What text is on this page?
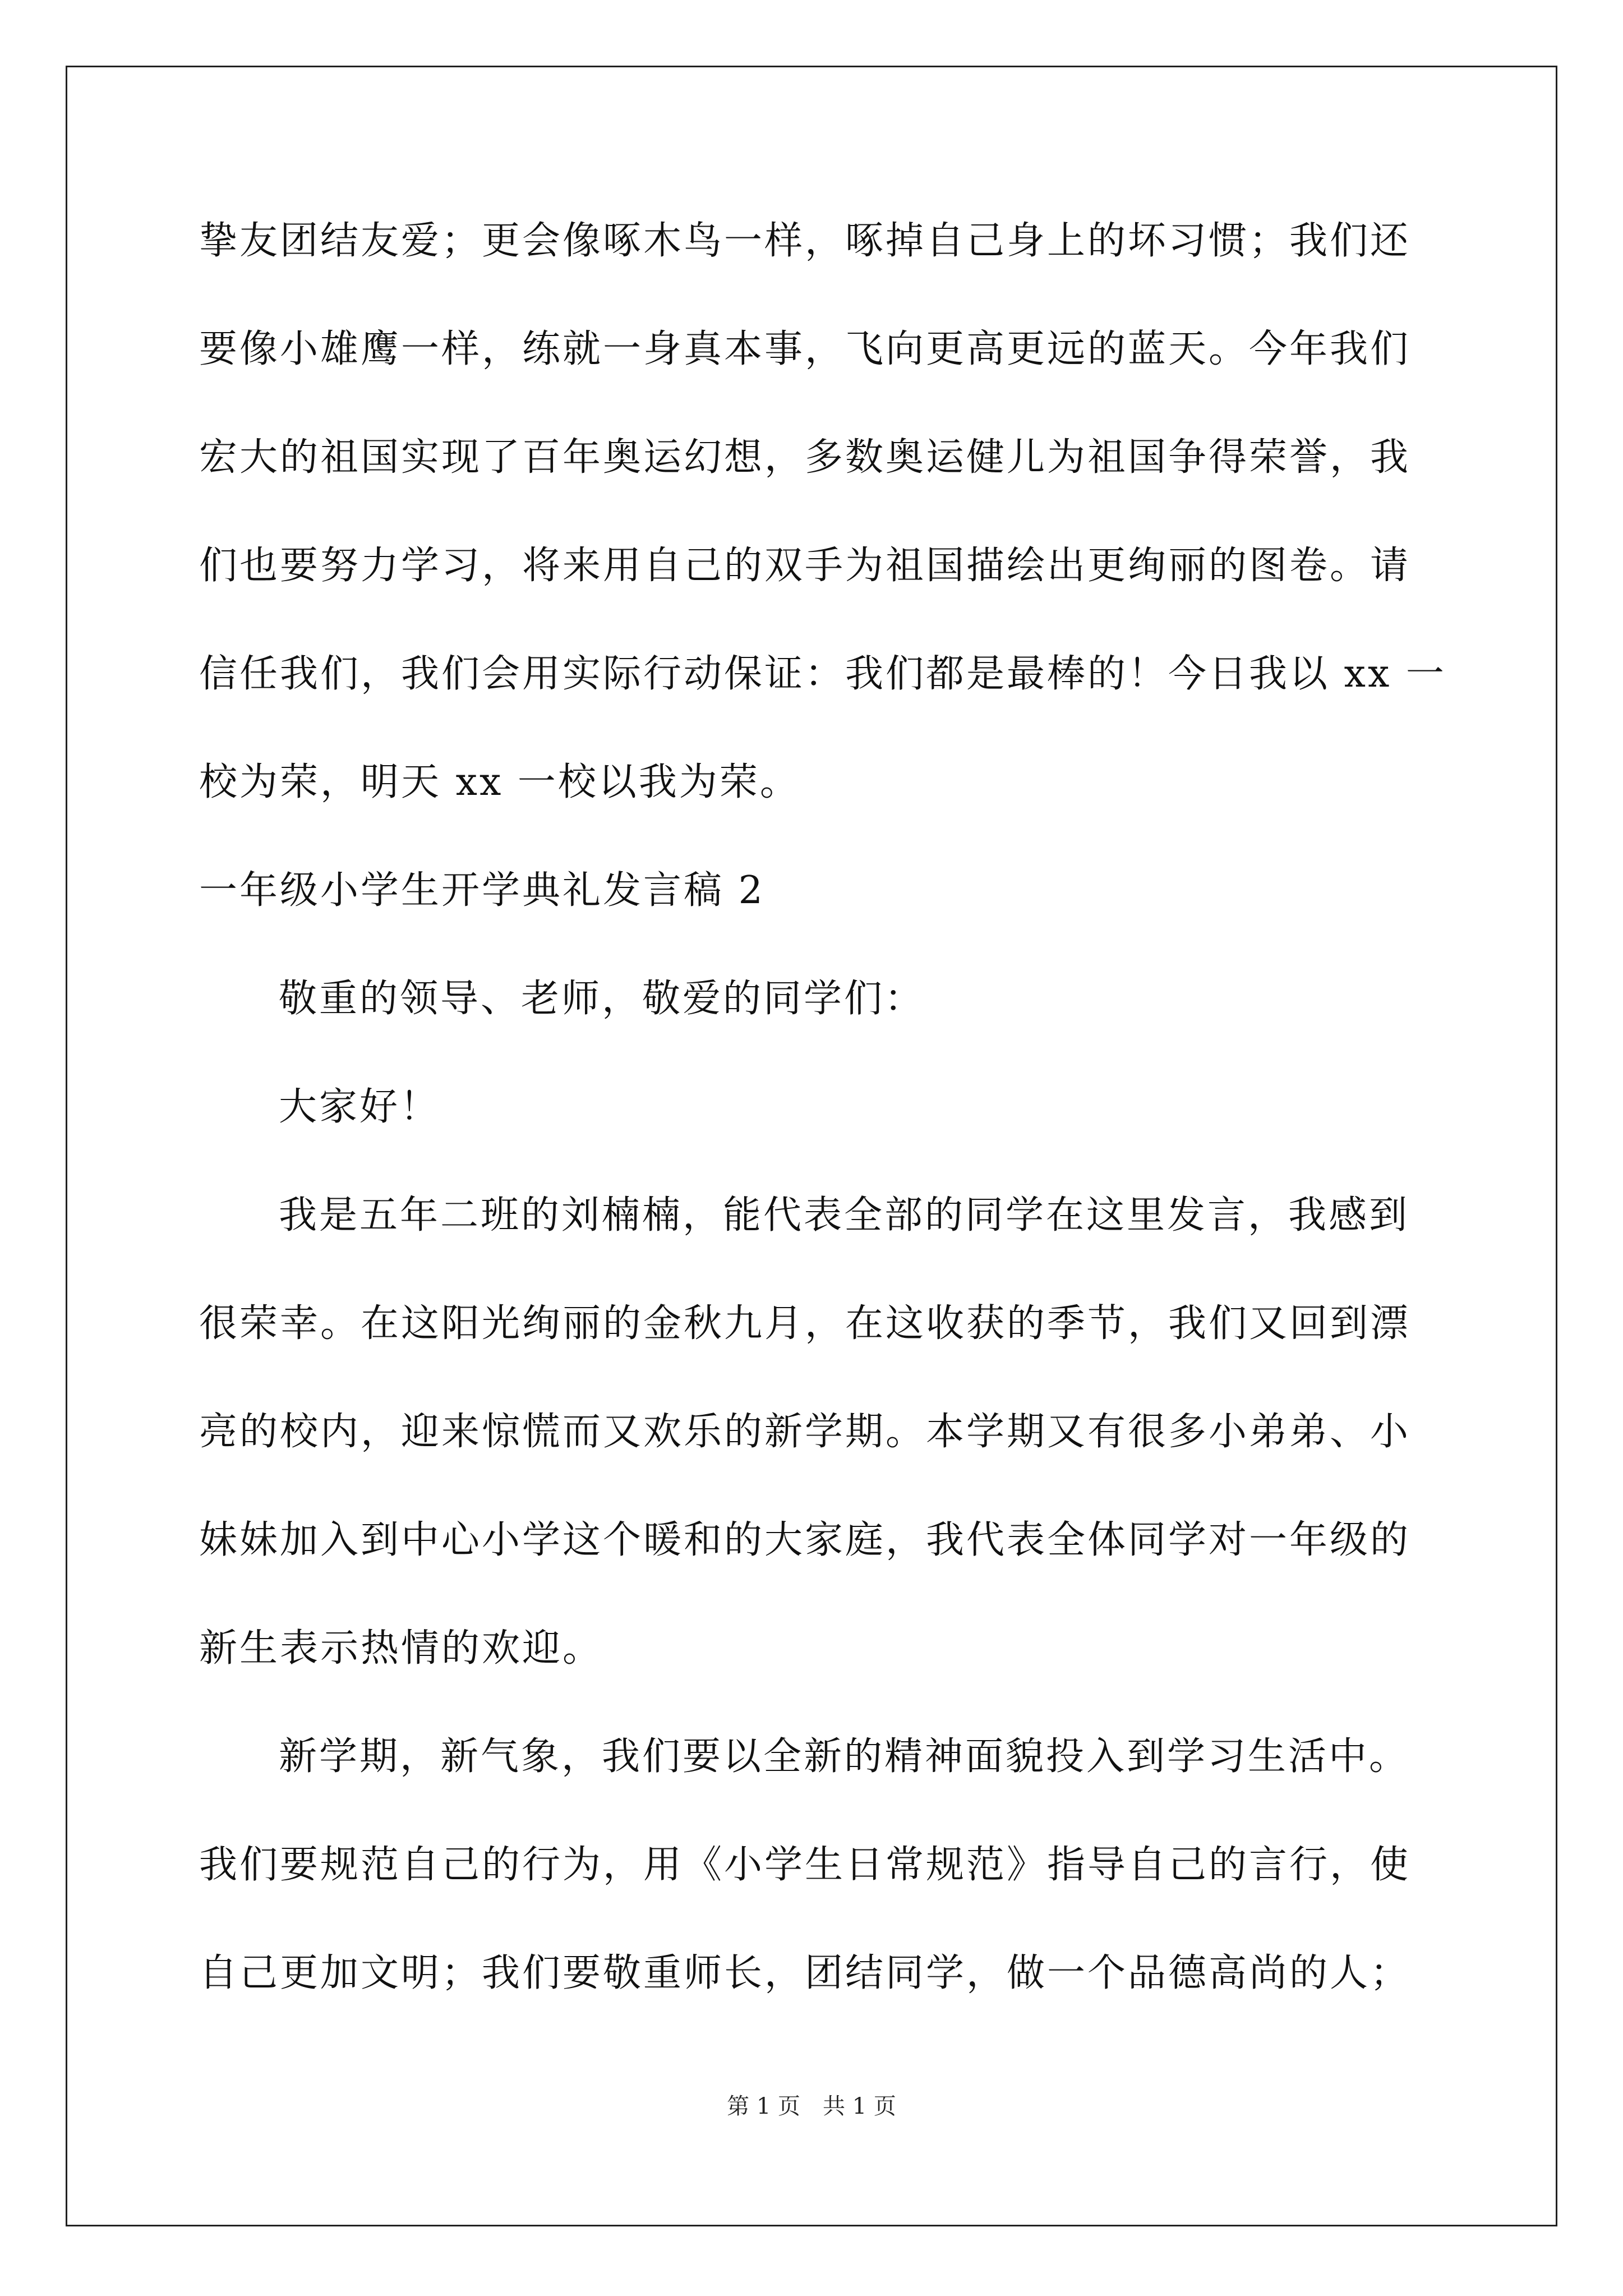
挚友团结友爱；更会像啄木鸟一样，啄掉自己身上的坏习惯；我们还
要像小雄鹰一样，练就一身真本事，飞向更高更远的蓝天。今年我们
宏大的祖国实现了百年奥运幻想，多数奥运健儿为祖国争得荣誉，我
们也要努力学习，将来用自己的双手为祖国描绘出更绚丽的图卷。请
信任我们，我们会用实际行动保证：我们都是最棒的！今日我以 xx 一
校为荣，明天 xx 一校以我为荣。
一年级小学生开学典礼发言稿 2
敬重的领导、老师，敬爱的同学们：
大家好！
我是五年二班的刘楠楠，能代表全部的同学在这里发言，我感到
很荣幸。在这阳光绚丽的金秋九月，在这收获的季节，我们又回到漂
亮的校内，迎来惊慌而又欢乐的新学期。本学期又有很多小弟弟、小
妹妹加入到中心小学这个暖和的大家庭，我代表全体同学对一年级的
新生表示热情的欢迎。
新学期，新气象，我们要以全新的精神面貌投入到学习生活中。
我们要规范自己的行为，用《小学生日常规范》指导自己的言行，使
自己更加文明；我们要敬重师长，团结同学，做一个品德高尚的人；
第 1 页　共 1 页
